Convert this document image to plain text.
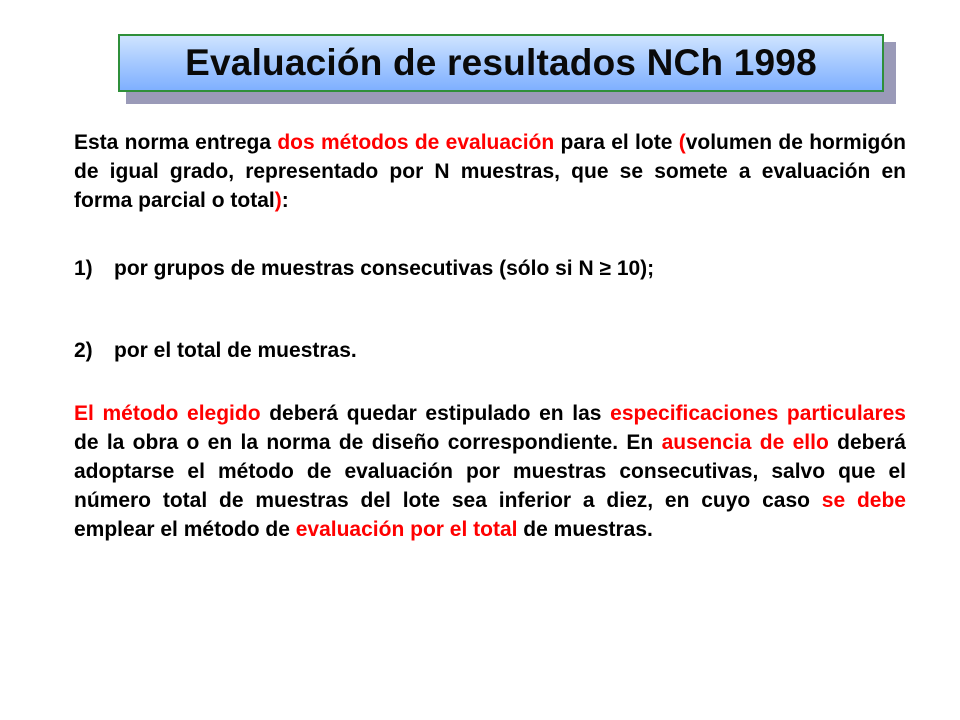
Evaluación de resultados NCh 1998

Esta norma entrega dos métodos de evaluación para el lote (volumen de hormigón de igual grado, representado por N muestras, que se somete a evaluación en forma parcial o total):

1) por grupos de muestras consecutivas (sólo si N ≥ 10);

2) por el total de muestras.

El método elegido deberá quedar estipulado en las especificaciones particulares de la obra o en la norma de diseño correspondiente. En ausencia de ello deberá adoptarse el método de evaluación por muestras consecutivas, salvo que el número total de muestras del lote sea inferior a diez, en cuyo caso se debe emplear el método de evaluación por el total de muestras.
